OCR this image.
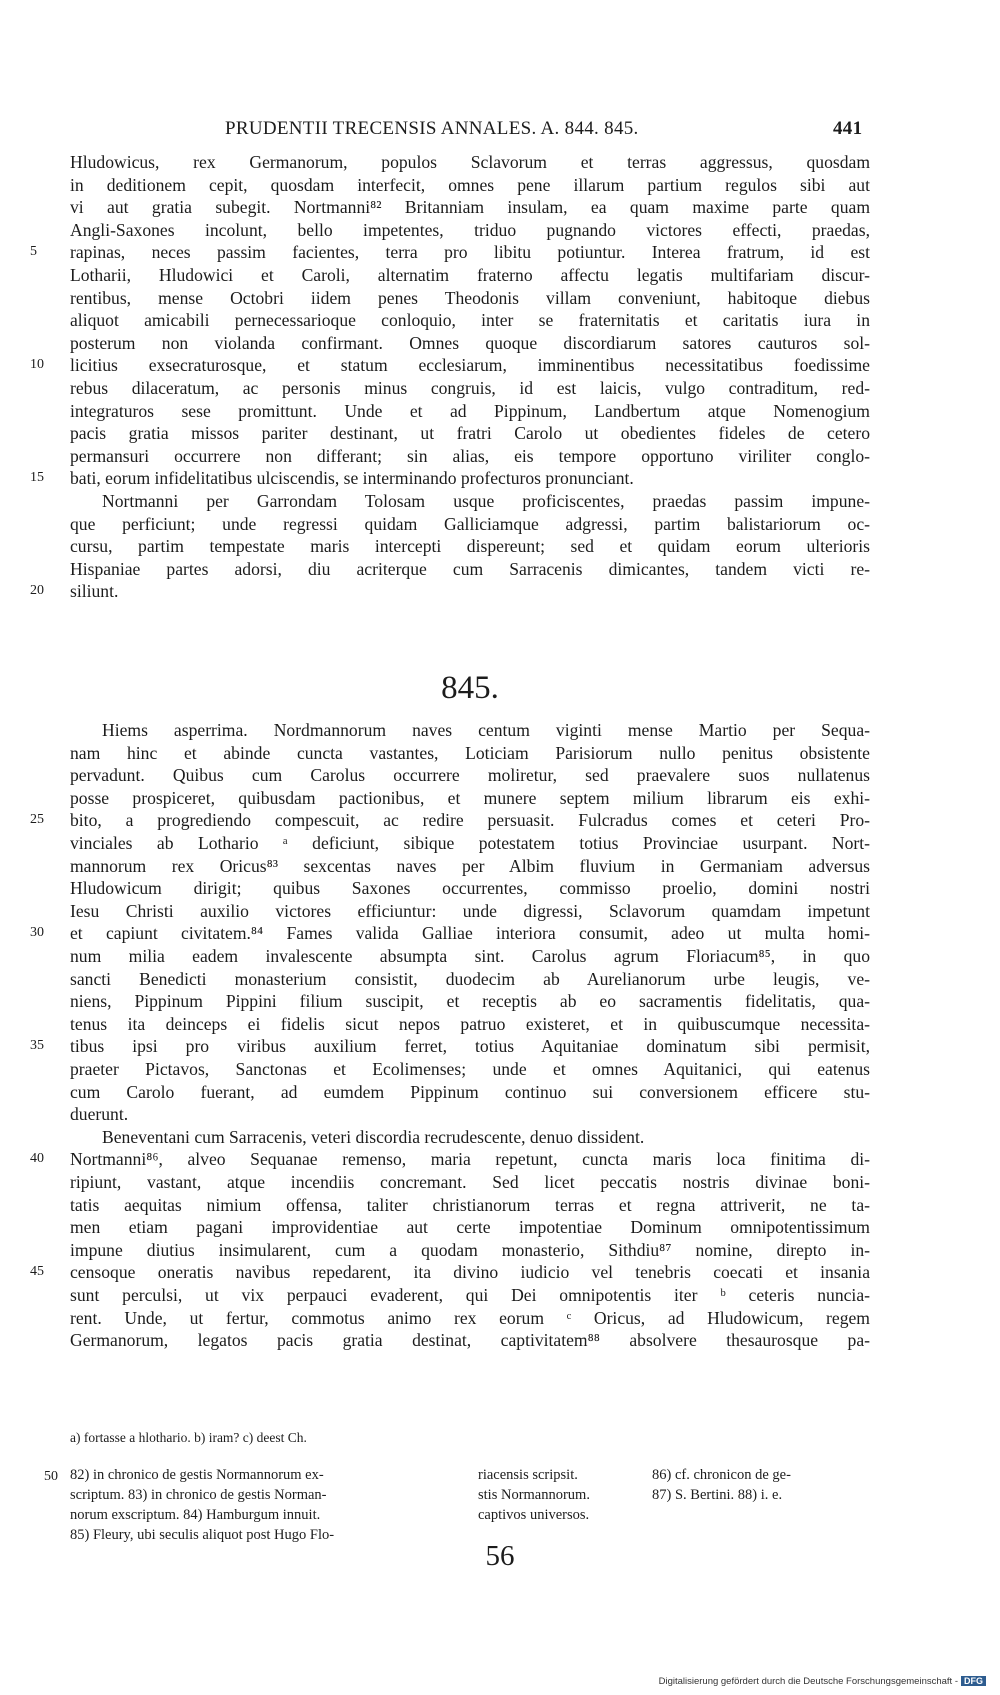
PRUDENTII TRECENSIS ANNALES. A. 844. 845.	441
Hludowicus, rex Germanorum, populos Sclavorum et terras aggressus, quosdam
in deditionem cepit, quosdam interfecit, omnes pene illarum partium regulos sibi aut
vi aut gratia subegit. Nortmanni⁸² Britanniam insulam, ea quam maxime parte quam
Angli-Saxones incolunt, bello impetentes, triduo pugnando victores effecti, praedas,
5	rapinas, neces passim facientes, terra pro libitu potiuntur. Interea fratrum, id est
Lotharii, Hludowici et Caroli, alternatim fraterno affectu legatis multifariam discur-
rentibus, mense Octobri iidem penes Theodonis villam conveniunt, habitoque diebus
aliquot amicabili pernecessarioque conloquio, inter se fraternitatis et caritatis iura in
posterum non violanda confirmant. Omnes quoque discordiarum satores cauturos sol-
10	licitius exsecraturosque, et statum ecclesiarum, imminentibus necessitatibus foedissime
rebus dilaceratum, ac personis minus congruis, id est laicis, vulgo contraditum, red-
integraturos sese promittunt. Unde et ad Pippinum, Landbertum atque Nomenogium
pacis gratia missos pariter destinant, ut fratri Carolo ut obedientes fideles de cetero
permansuri occurrere non differant; sin alias, eis tempore opportuno viriliter conglo-
15	bati, eorum infidelitatibus ulciscendis, se interminando profecturos pronunciant.
Nortmanni per Garrondam Tolosam usque proficiscentes, praedas passim impune-
que perficiunt; unde regressi quidam Galliciamque adgressi, partim balistariorum oc-
cursu, partim tempestate maris intercepti dispereunt; sed et quidam eorum ulterioris
Hispaniae partes adorsi, diu acriterque cum Sarracenis dimicantes, tandem victi re-
20	siliunt.
845.
Hiems asperrima. Nordmannorum naves centum viginti mense Martio per Sequa-
nam hinc et abinde cuncta vastantes, Loticiam Parisiorum nullo penitus obsistente
pervadunt. Quibus cum Carolus occurrere moliretur, sed praevalere suos nullatenus
posse prospiceret, quibusdam pactionibus, et munere septem milium librarum eis exhi-
25	bito, a progrediendo compescuit, ac redire persuasit. Fulcradus comes et ceteri Pro-
vinciales ab Lothario ᵃ deficiunt, sibique potestatem totius Provinciae usurpant. Nort-
mannorum rex Oricus⁸³ sexcentas naves per Albim fluvium in Germaniam adversus
Hludowicum dirigit; quibus Saxones occurrentes, commisso proelio, domini nostri
Iesu Christi auxilio victores efficiuntur: unde digressi, Sclavorum quamdam impetunt
30	et capiunt civitatem.⁸⁴ Fames valida Galliae interiora consumit, adeo ut multa homi-
num milia eadem invalescente absumpta sint. Carolus agrum Floriacum⁸⁵, in quo
sancti Benedicti monasterium consistit, duodecim ab Aurelianorum urbe leugis, ve-
niens, Pippinum Pippini filium suscipit, et receptis ab eo sacramentis fidelitatis, qua-
tenus ita deinceps ei fidelis sicut nepos patruo existeret, et in quibuscumque necessita-
35	tibus ipsi pro viribus auxilium ferret, totius Aquitaniae dominatum sibi permisit,
praeter Pictavos, Sanctonas et Ecolimenses; unde et omnes Aquitanici, qui eatenus
cum Carolo fuerant, ad eumdem Pippinum continuo sui conversionem efficere stu-
duerunt.
Beneventani cum Sarracenis, veteri discordia recrudescente, denuo dissident.
40	Nortmanni⁸⁶, alveo Sequanae remenso, maria repetunt, cuncta maris loca finitima di-
ripiunt, vastant, atque incendiis concremant. Sed licet peccatis nostris divinae boni-
tatis aequitas nimium offensa, taliter christianorum terras et regna attriverit, ne ta-
men etiam pagani improvidentiae aut certe impotentiae Dominum omnipotentissimum
impune diutius insimularent, cum a quodam monasterio, Sithdiu⁸⁷ nomine, direpto in-
45	censoque oneratis navibus repedarent, ita divino iudicio vel tenebris coecati et insania
sunt perculsi, ut vix perpauci evaderent, qui Dei omnipotentis iter ᵇ ceteris nuncia-
rent. Unde, ut fertur, commotus animo rex eorum ᶜ Oricus, ad Hludowicum, regem
Germanorum, legatos pacis gratia destinat, captivitatem⁸⁸ absolvere thesaurosque pa-
a) fortasse a hlothario. b) iram? c) deest Ch.
50 82) in chronico de gestis Normannorum ex-
scriptum. 83) in chronico de gestis Norman-
norum exscriptum. 84) Hamburgum innuit.
85) Fleury, ubi seculis aliquot post Hugo Flo-
riacensis scripsit.
stis Normannorum.
captivos universos.
86) cf. chronicon de ge-
87) S. Bertini. 88) i. e.
56
Digitalisierung gefördert durch die Deutsche Forschungsgemeinschaft - DFG
